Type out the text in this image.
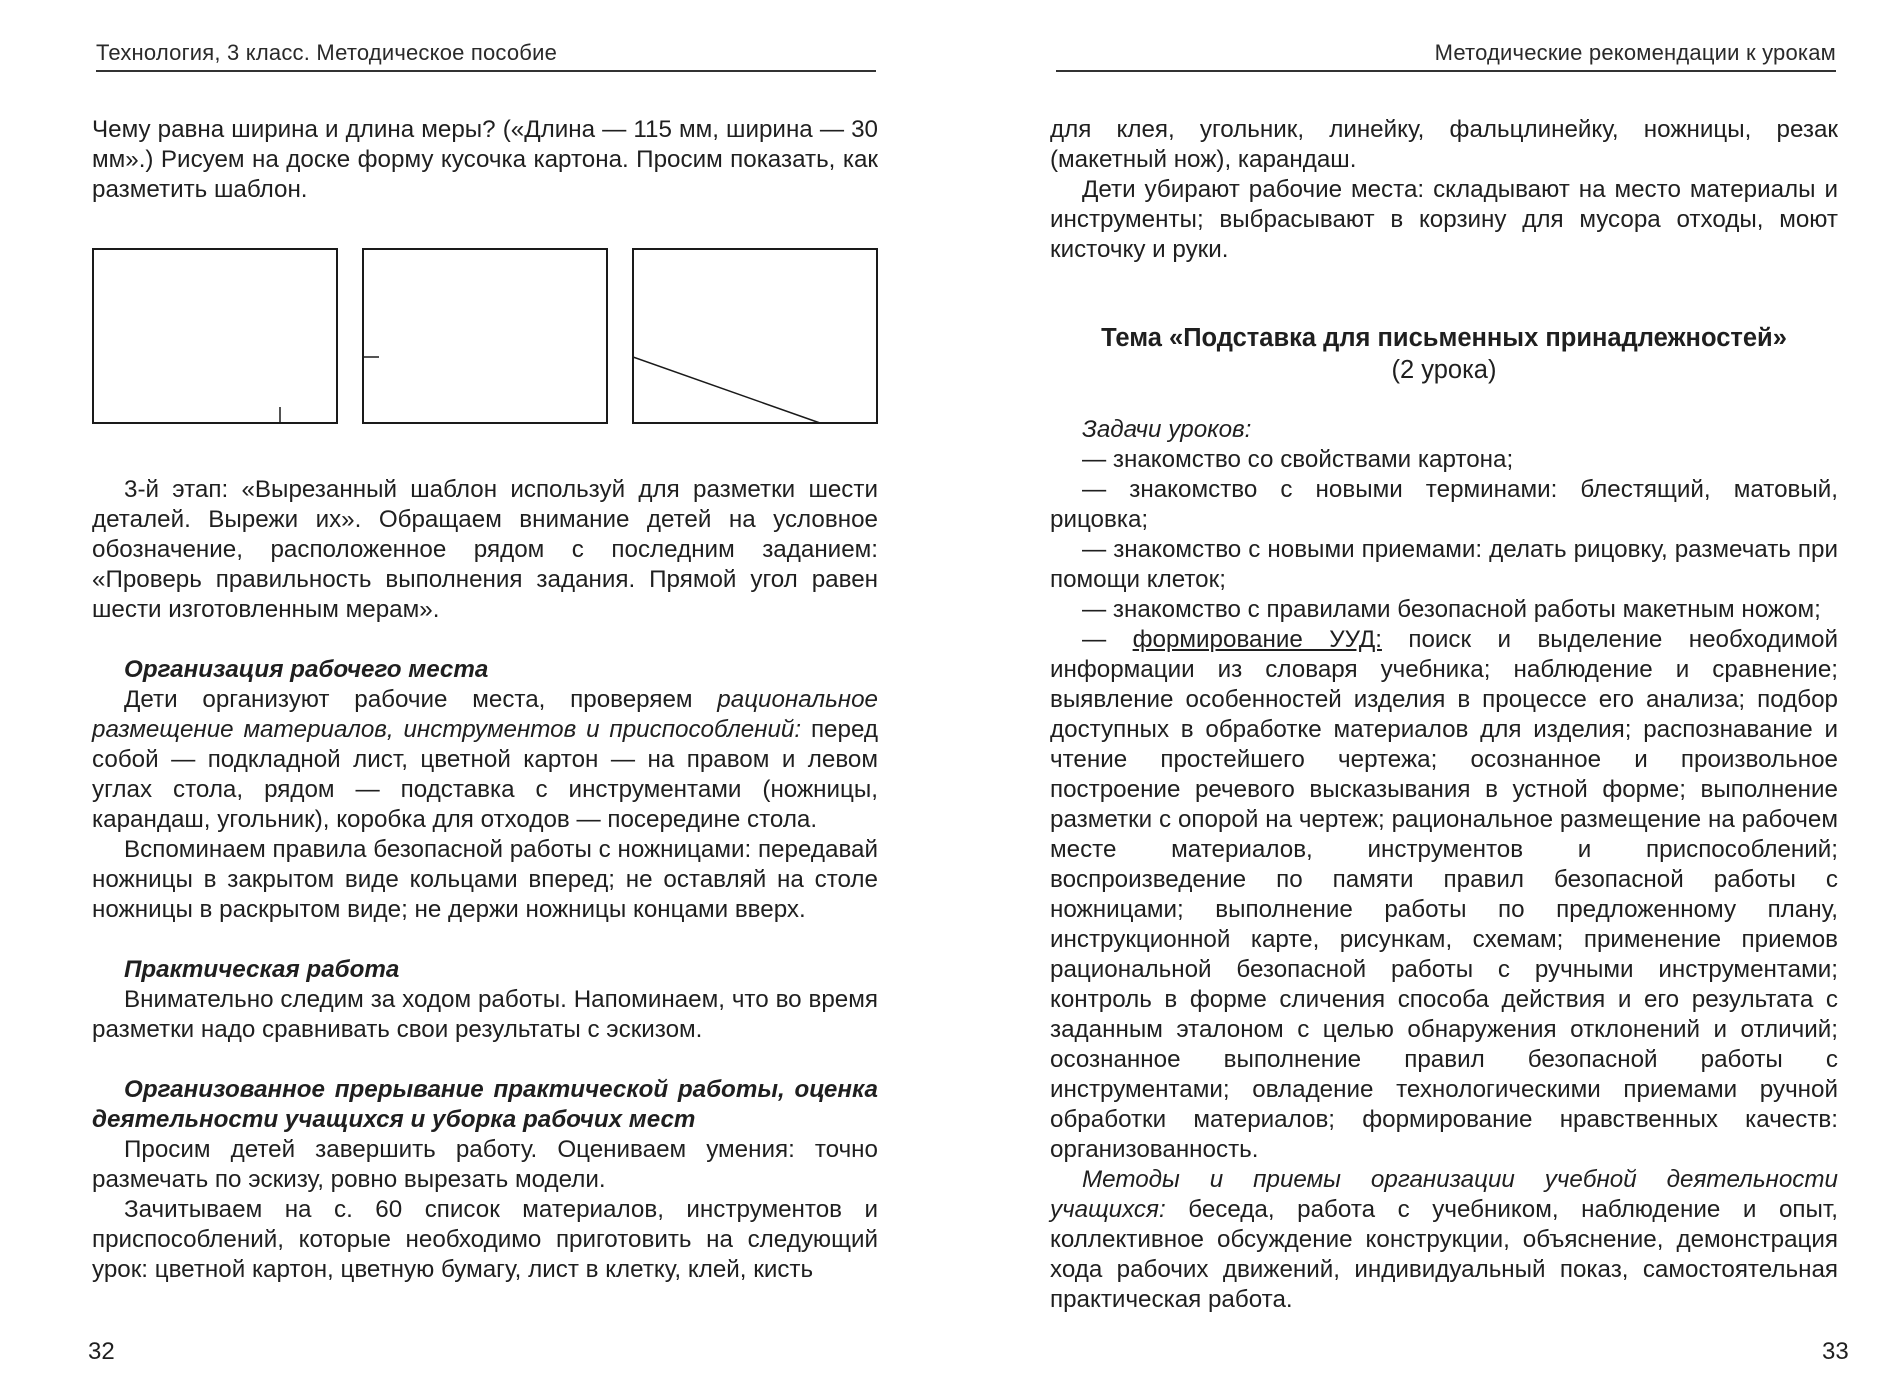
Технология, 3 класс. Методическое пособие

Чему равна ширина и длина меры? («Длина — 115 мм, ширина — 30 мм».) Рисуем на доске форму кусочка картона. Просим показать, как разметить шаблон.

3-й этап: «Вырезанный шаблон используй для разметки шести деталей. Вырежи их». Обращаем внимание детей на условное обозначение, расположенное рядом с последним заданием: «Проверь правильность выполнения задания. Прямой угол равен шести изготовленным мерам».

Организация рабочего места

Дети организуют рабочие места, проверяем рациональное размещение материалов, инструментов и приспособлений: перед собой — подкладной лист, цветной картон — на правом и левом углах стола, рядом — подставка с инструментами (ножницы, карандаш, угольник), коробка для отходов — посередине стола.

Вспоминаем правила безопасной работы с ножницами: передавай ножницы в закрытом виде кольцами вперед; не оставляй на столе ножницы в раскрытом виде; не держи ножницы концами вверх.

Практическая работа

Внимательно следим за ходом работы. Напоминаем, что во время разметки надо сравнивать свои результаты с эскизом.

Организованное прерывание практической работы, оценка деятельности учащихся и уборка рабочих мест

Просим детей завершить работу. Оцениваем умения: точно размечать по эскизу, ровно вырезать модели.

Зачитываем на с. 60 список материалов, инструментов и приспособлений, которые необходимо приготовить на следующий урок: цветной картон, цветную бумагу, лист в клетку, клей, кисть

32
Методические рекомендации к урокам

для клея, угольник, линейку, фальцлинейку, ножницы, резак (макетный нож), карандаш.

Дети убирают рабочие места: складывают на место материалы и инструменты; выбрасывают в корзину для мусора отходы, моют кисточку и руки.

Тема «Подставка для письменных принадлежностей»
(2 урока)

Задачи уроков:

— знакомство со свойствами картона;

— знакомство с новыми терминами: блестящий, матовый, рицовка;

— знакомство с новыми приемами: делать рицовку, размечать при помощи клеток;

— знакомство с правилами безопасной работы макетным ножом;

— формирование УУД: поиск и выделение необходимой информации из словаря учебника; наблюдение и сравнение; выявление особенностей изделия в процессе его анализа; подбор доступных в обработке материалов для изделия; распознавание и чтение простейшего чертежа; осознанное и произвольное построение речевого высказывания в устной форме; выполнение разметки с опорой на чертеж; рациональное размещение на рабочем месте материалов, инструментов и приспособлений; воспроизведение по памяти правил безопасной работы с ножницами; выполнение работы по предложенному плану, инструкционной карте, рисункам, схемам; применение приемов рациональной безопасной работы с ручными инструментами; контроль в форме сличения способа действия и его результата с заданным эталоном с целью обнаружения отклонений и отличий; осознанное выполнение правил безопасной работы с инструментами; овладение технологическими приемами ручной обработки материалов; формирование нравственных качеств: организованность.

Методы и приемы организации учебной деятельности учащихся: беседа, работа с учебником, наблюдение и опыт, коллективное обсуждение конструкции, объяснение, демонстрация хода рабочих движений, индивидуальный показ, самостоятельная практическая работа.

33
